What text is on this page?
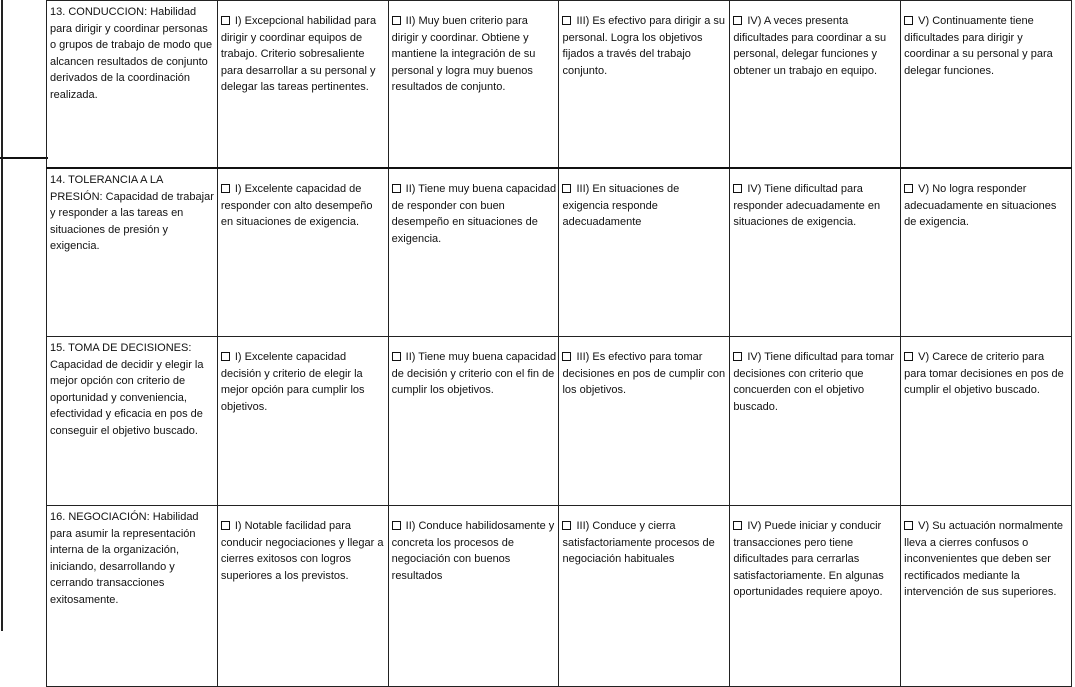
13. CONDUCCION: Habilidad para dirigir y coordinar personas o grupos de trabajo de modo que alcancen resultados de conjunto derivados de la coordinación realizada.	I) Excepcional habilidad para dirigir y coordinar equipos de trabajo. Criterio sobresaliente para desarrollar a su personal y delegar las tareas pertinentes.	II) Muy buen criterio para dirigir y coordinar. Obtiene y mantiene la integración de su personal y logra muy buenos resultados de conjunto.	III) Es efectivo para dirigir a su personal. Logra los objetivos fijados a través del trabajo conjunto.	IV) A veces presenta dificultades para coordinar a su personal, delegar funciones y obtener un trabajo en equipo.	V) Continuamente tiene dificultades para dirigir y coordinar a su personal y para delegar funciones.
14. TOLERANCIA A LA PRESIÓN: Capacidad de trabajar y responder a las tareas en situaciones de presión y exigencia.	I) Excelente capacidad de responder con alto desempeño en situaciones de exigencia.	II) Tiene muy buena capacidad de responder con buen desempeño en situaciones de exigencia.	III) En situaciones de exigencia responde adecuadamente	IV) Tiene dificultad para responder adecuadamente en situaciones de exigencia.	V) No logra responder adecuadamente en situaciones de exigencia.
15. TOMA DE DECISIONES: Capacidad de decidir y elegir la mejor opción con criterio de oportunidad y conveniencia, efectividad y eficacia en pos de conseguir el objetivo buscado.	I) Excelente capacidad decisión y criterio de elegir la mejor opción para cumplir los objetivos.	II) Tiene muy buena capacidad de decisión y criterio con el fin de cumplir los objetivos.	III) Es efectivo para tomar decisiones en pos de cumplir con los objetivos.	IV) Tiene dificultad para tomar decisiones con criterio que concuerden con el objetivo buscado.	V) Carece de criterio para para tomar decisiones en pos de cumplir el objetivo buscado.
16. NEGOCIACIÓN: Habilidad para asumir la representación interna de la organización, iniciando, desarrollando y cerrando transacciones exitosamente.	I) Notable facilidad para conducir negociaciones y llegar a cierres exitosos con logros superiores a los previstos.	II) Conduce habilidosamente y concreta los procesos de negociación con buenos resultados	III) Conduce y cierra satisfactoriamente procesos de negociación habituales	IV) Puede iniciar y conducir transacciones pero tiene dificultades para cerrarlas satisfactoriamente. En algunas oportunidades requiere apoyo.	V) Su actuación normalmente lleva a cierres confusos o inconvenientes que deben ser rectificados mediante la intervención de sus superiores.
